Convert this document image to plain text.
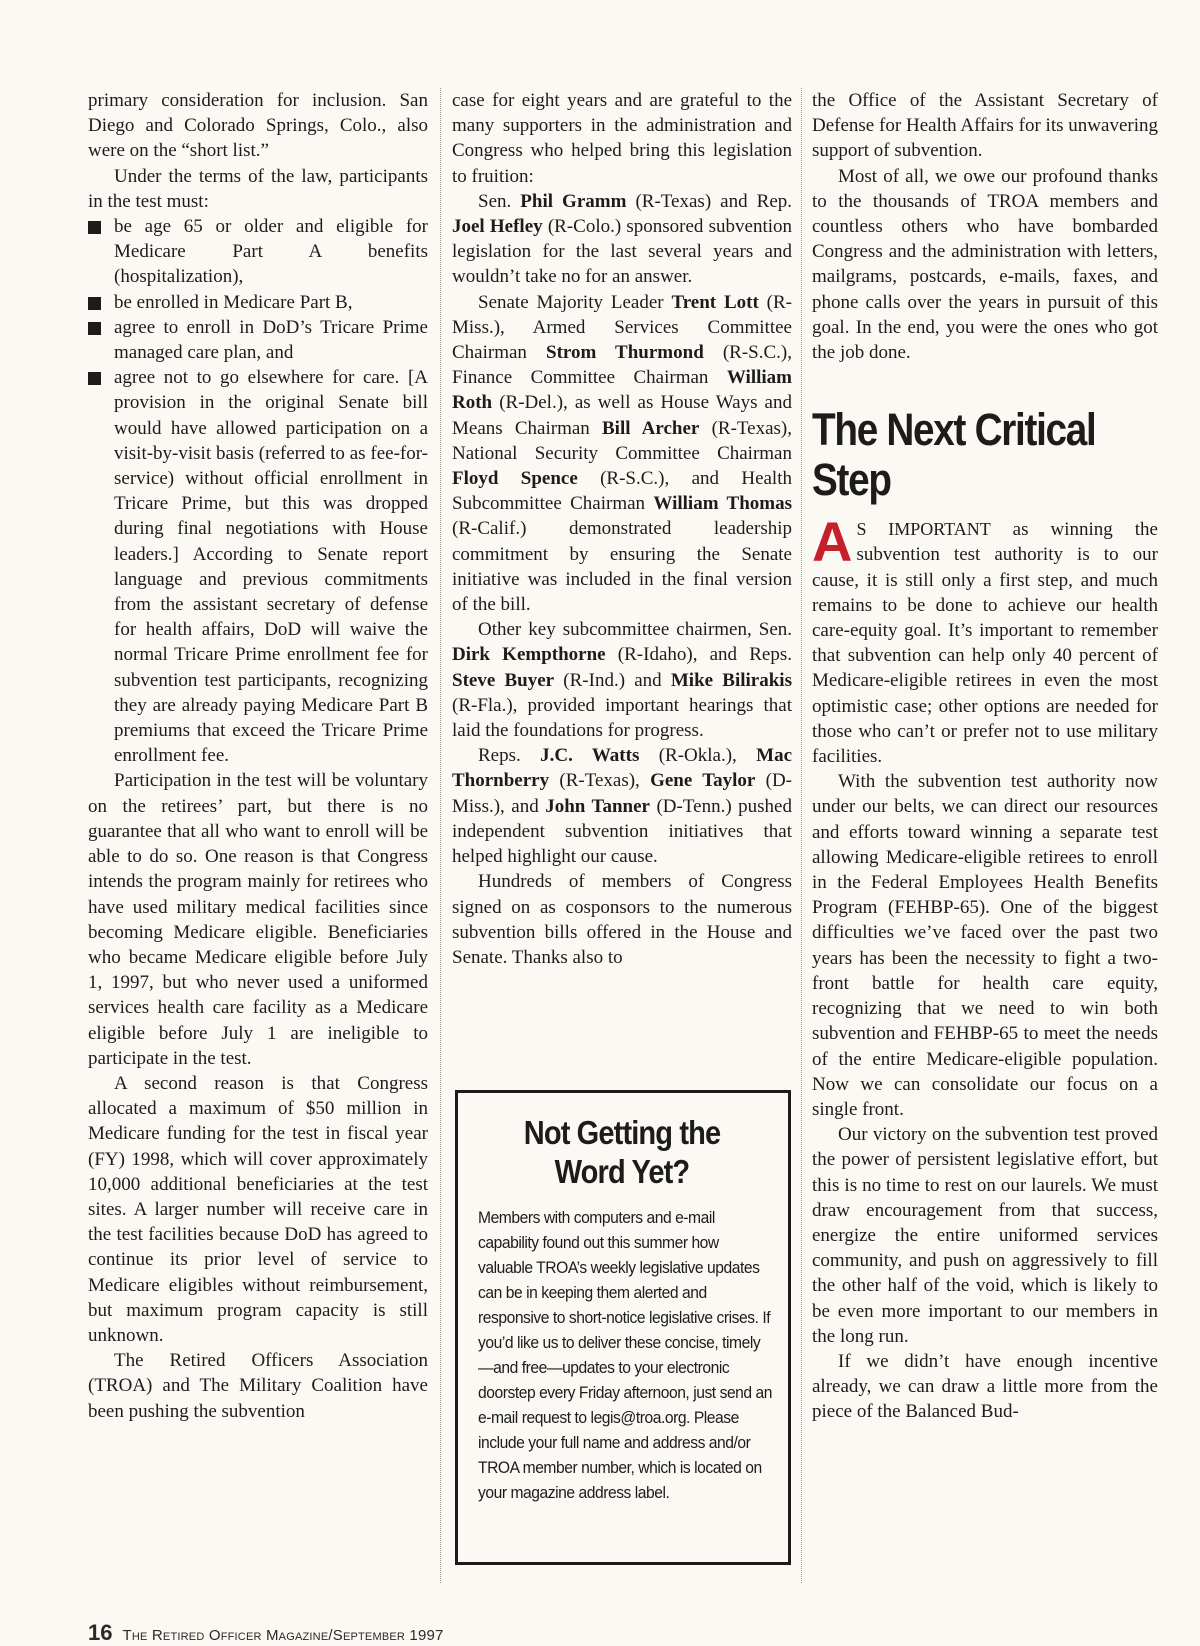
primary consideration for inclusion. San Diego and Colorado Springs, Colo., also were on the “short list.”

Under the terms of the law, participants in the test must:

be age 65 or older and eligible for Medicare Part A benefits (hospitalization),
be enrolled in Medicare Part B,
agree to enroll in DoD’s Tricare Prime managed care plan, and
agree not to go elsewhere for care. [A provision in the original Senate bill would have allowed participation on a visit-by-visit basis (referred to as fee-for-service) without official enrollment in Tricare Prime, but this was dropped during final negotiations with House leaders.] According to Senate report language and previous commitments from the assistant secretary of defense for health affairs, DoD will waive the normal Tricare Prime enrollment fee for subvention test participants, recognizing they are already paying Medicare Part B premiums that exceed the Tricare Prime enrollment fee.

Participation in the test will be voluntary on the retirees’ part, but there is no guarantee that all who want to enroll will be able to do so. One reason is that Congress intends the program mainly for retirees who have used military medical facilities since becoming Medicare eligible. Beneficiaries who became Medicare eligible before July 1, 1997, but who never used a uniformed services health care facility as a Medicare eligible before July 1 are ineligible to participate in the test.

A second reason is that Congress allocated a maximum of $50 million in Medicare funding for the test in fiscal year (FY) 1998, which will cover approximately 10,000 additional beneficiaries at the test sites. A larger number will receive care in the test facilities because DoD has agreed to continue its prior level of service to Medicare eligibles without reimbursement, but maximum program capacity is still unknown.

The Retired Officers Association (TROA) and The Military Coalition have been pushing the subvention

case for eight years and are grateful to the many supporters in the administration and Congress who helped bring this legislation to fruition:

Sen. Phil Gramm (R-Texas) and Rep. Joel Hefley (R-Colo.) sponsored subvention legislation for the last several years and wouldn’t take no for an answer.

Senate Majority Leader Trent Lott (R-Miss.), Armed Services Committee Chairman Strom Thurmond (R-S.C.), Finance Committee Chairman William Roth (R-Del.), as well as House Ways and Means Chairman Bill Archer (R-Texas), National Security Committee Chairman Floyd Spence (R-S.C.), and Health Subcommittee Chairman William Thomas (R-Calif.) demonstrated leadership commitment by ensuring the Senate initiative was included in the final version of the bill.

Other key subcommittee chairmen, Sen. Dirk Kempthorne (R-Idaho), and Reps. Steve Buyer (R-Ind.) and Mike Bilirakis (R-Fla.), provided important hearings that laid the foundations for progress.

Reps. J.C. Watts (R-Okla.), Mac Thornberry (R-Texas), Gene Taylor (D-Miss.), and John Tanner (D-Tenn.) pushed independent subvention initiatives that helped highlight our cause.

Hundreds of members of Congress signed on as cosponsors to the numerous subvention bills offered in the House and Senate. Thanks also to

Not Getting the Word Yet?
Members with computers and e-mail capability found out this summer how valuable TROA’s weekly legislative updates can be in keeping them alerted and responsive to short-notice legislative crises. If you’d like us to deliver these concise, timely—and free—updates to your electronic doorstep every Friday afternoon, just send an e-mail request to legis@troa.org. Please include your full name and address and/or TROA member number, which is located on your magazine address label.

the Office of the Assistant Secretary of Defense for Health Affairs for its unwavering support of subvention.

Most of all, we owe our profound thanks to the thousands of TROA members and countless others who have bombarded Congress and the administration with letters, mailgrams, postcards, e-mails, faxes, and phone calls over the years in pursuit of this goal. In the end, you were the ones who got the job done.

The Next Critical Step

AS IMPORTANT as winning the subvention test authority is to our cause, it is still only a first step, and much remains to be done to achieve our health care-equity goal. It’s important to remember that subvention can help only 40 percent of Medicare-eligible retirees in even the most optimistic case; other options are needed for those who can’t or prefer not to use military facilities.

With the subvention test authority now under our belts, we can direct our resources and efforts toward winning a separate test allowing Medicare-eligible retirees to enroll in the Federal Employees Health Benefits Program (FEHBP-65). One of the biggest difficulties we’ve faced over the past two years has been the necessity to fight a two-front battle for health care equity, recognizing that we need to win both subvention and FEHBP-65 to meet the needs of the entire Medicare-eligible population. Now we can consolidate our focus on a single front.

Our victory on the subvention test proved the power of persistent legislative effort, but this is no time to rest on our laurels. We must draw encouragement from that success, energize the entire uniformed services community, and push on aggressively to fill the other half of the void, which is likely to be even more important to our members in the long run.

If we didn’t have enough incentive already, we can draw a little more from the piece of the Balanced Bud-

16 The Retired Officer Magazine/September 1997
